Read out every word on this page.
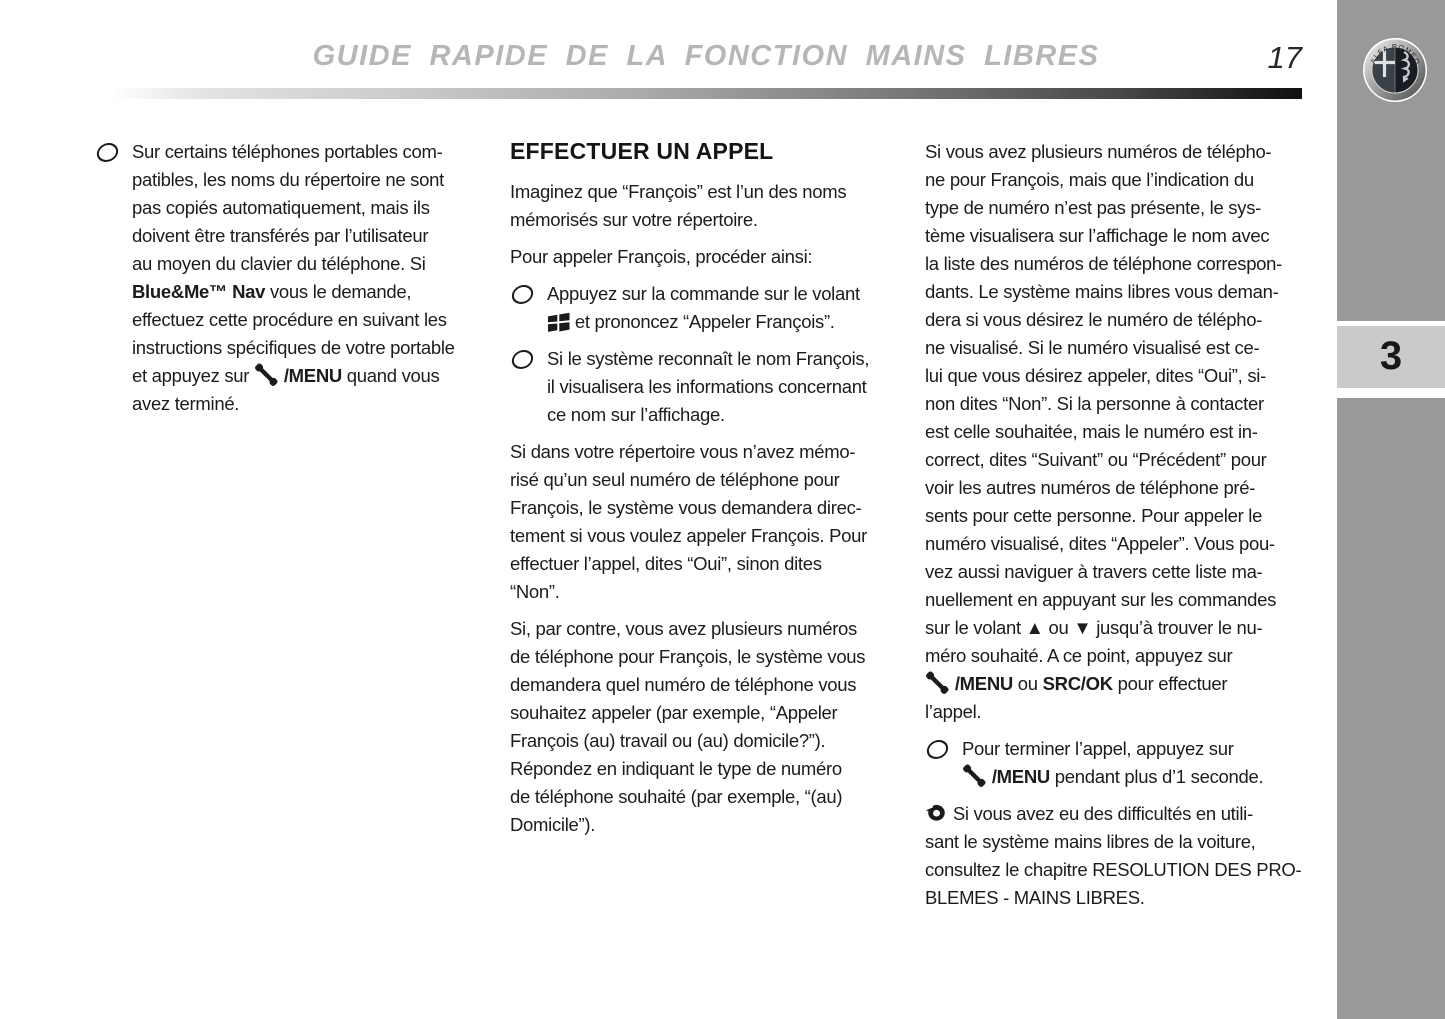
GUIDE RAPIDE DE LA FONCTION MAINS LIBRES	17	ALFA ROMEO
3
Sur certains téléphones portables com-
patibles, les noms du répertoire ne sont
pas copiés automatiquement, mais ils
doivent être transférés par l’utilisateur
au moyen du clavier du téléphone. Si
Blue&Me™ Nav vous le demande,
effectuez cette procédure en suivant les
instructions spécifiques de votre portable
et appuyez sur  /MENU quand vous
avez terminé.
EFFECTUER UN APPEL
Imaginez que “François” est l’un des noms
mémorisés sur votre répertoire.
Pour appeler François, procéder ainsi:
Appuyez sur la commande sur le volant
et prononcez “Appeler François”.
Si le système reconnaît le nom François,
il visualisera les informations concernant
ce nom sur l’affichage.
Si dans votre répertoire vous n’avez mémo-
risé qu’un seul numéro de téléphone pour
François, le système vous demandera direc-
tement si vous voulez appeler François. Pour
effectuer l’appel, dites “Oui”, sinon dites
“Non”.
Si, par contre, vous avez plusieurs numéros
de téléphone pour François, le système vous
demandera quel numéro de téléphone vous
souhaitez appeler (par exemple, “Appeler
François (au) travail ou (au) domicile?”).
Répondez en indiquant le type de numéro
de téléphone souhaité (par exemple, “(au)
Domicile”).
Si vous avez plusieurs numéros de télépho-
ne pour François, mais que l’indication du
type de numéro n’est pas présente, le sys-
tème visualisera sur l’affichage le nom avec
la liste des numéros de téléphone correspon-
dants. Le système mains libres vous deman-
dera si vous désirez le numéro de télépho-
ne visualisé. Si le numéro visualisé est ce-
lui que vous désirez appeler, dites “Oui”, si-
non dites “Non”. Si la personne à contacter
est celle souhaitée, mais le numéro est in-
correct, dites “Suivant” ou “Précédent” pour
voir les autres numéros de téléphone pré-
sents pour cette personne. Pour appeler le
numéro visualisé, dites “Appeler”. Vous pou-
vez aussi naviguer à travers cette liste ma-
nuellement en appuyant sur les commandes
sur le volant ▲ ou ▼ jusqu’à trouver le nu-
méro souhaité. A ce point, appuyez sur
/MENU ou SRC/OK pour effectuer
l’appel.
Pour terminer l’appel, appuyez sur
/MENU pendant plus d’1 seconde.
Si vous avez eu des difficultés en utili-
sant le système mains libres de la voiture,
consultez le chapitre RESOLUTION DES PRO-
BLEMES - MAINS LIBRES.
